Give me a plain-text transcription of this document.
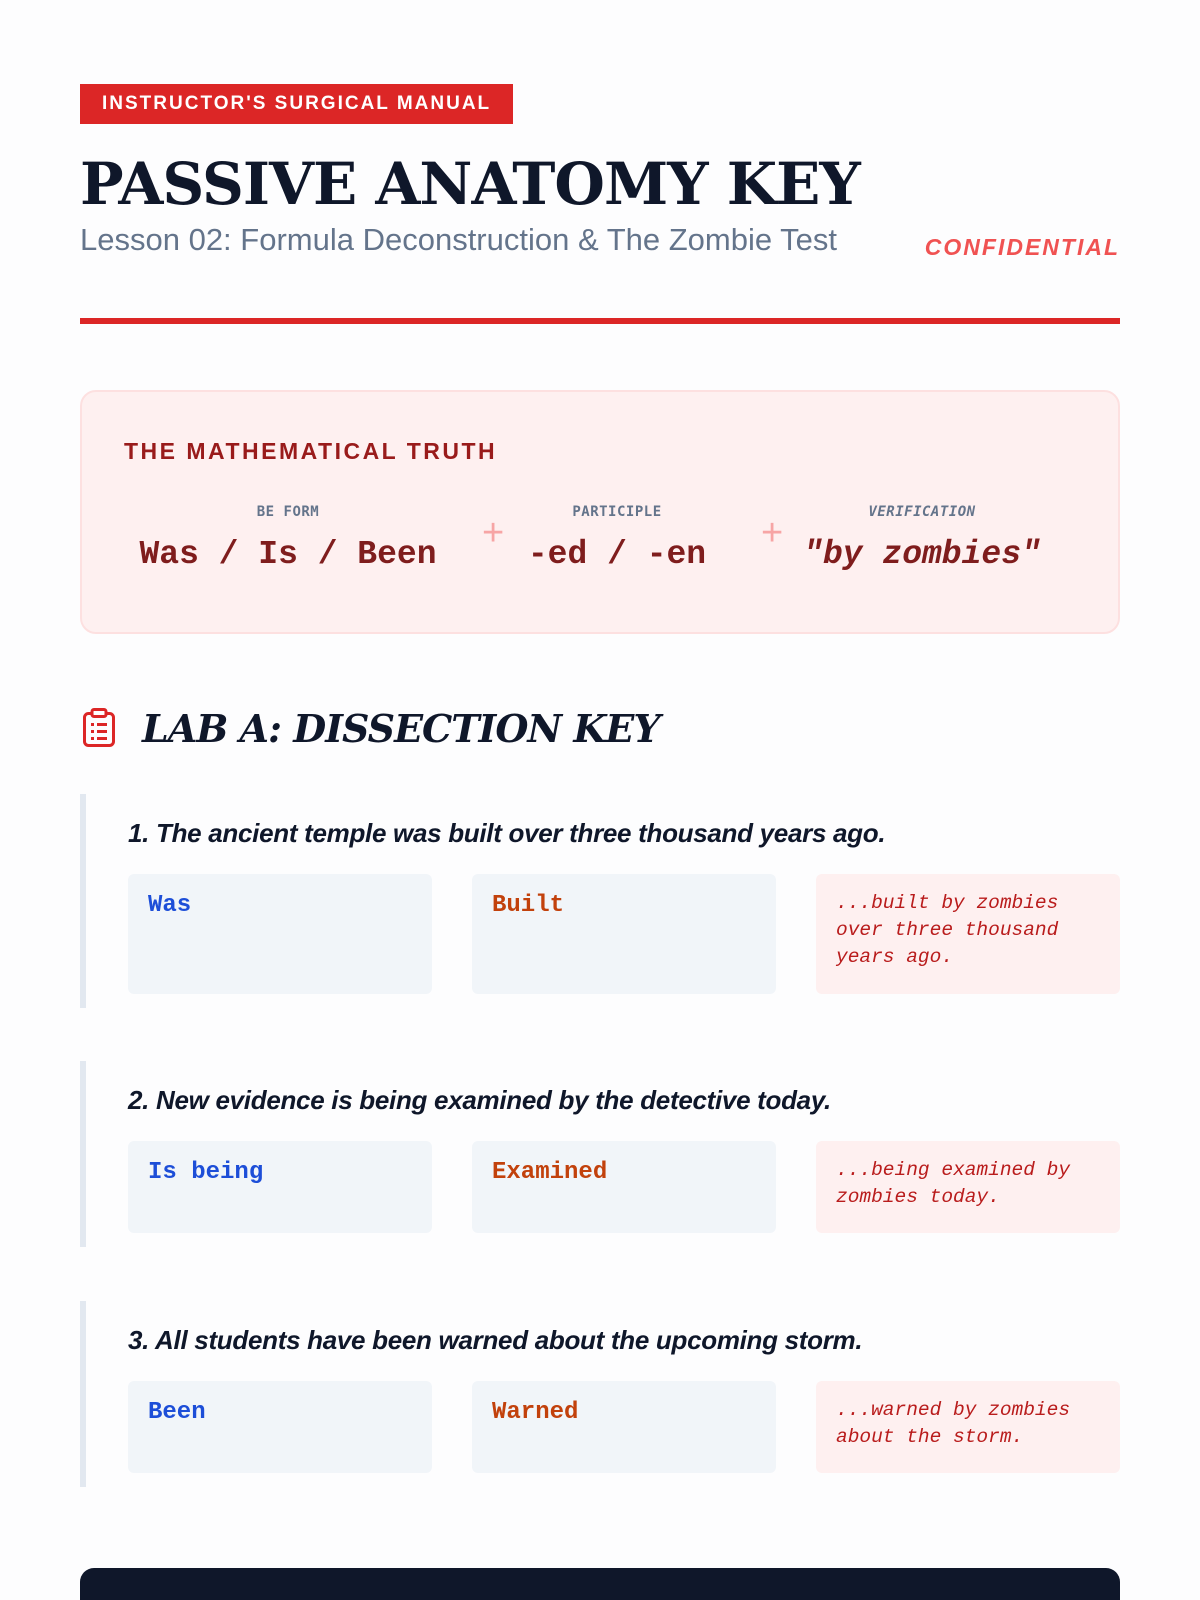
INSTRUCTOR'S SURGICAL MANUAL
PASSIVE ANATOMY KEY
Lesson 02: Formula Deconstruction & The Zombie Test	CONFIDENTIAL
THE MATHEMATICAL TRUTH
BE FORM
Was / Is / Been
+	PARTICIPLE
-ed / -en
+	VERIFICATION
"by zombies"
LAB A: DISSECTION KEY
1. The ancient temple was built over three thousand years ago.
Was	Built	...built by zombies over three thousand years ago.
2. New evidence is being examined by the detective today.
Is being	Examined	...being examined by zombies today.
3. All students have been warned about the upcoming storm.
Been	Warned	...warned by zombies about the storm.
